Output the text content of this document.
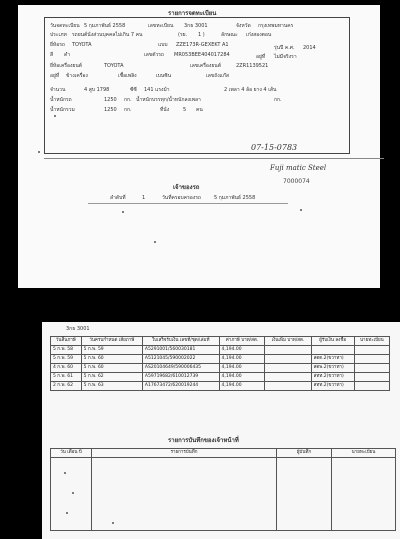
รายการจดทะเบียน
วันจดทะเบียน 5 กุมภาพันธ์ 2558	เลขทะเบียน 3กธ 3001	จังหวัด กรุงเทพมหานคร
ประเภท รถยนต์นั่งส่วนบุคคลไม่เกิน 7 คน	(รย. 1 )	ลักษณะ เก๋งสองตอน
ยี่ห้อรถ TOYOTA	แบบ ZZE173R-GEXEKT A1	รุ่นปี ค.ศ. 2014
สี ดำ	เลขตัวรถ MR053BEE404017284	อยู่ที่ ไม่มีจริงรา
ยี่ห้อเครื่องยนต์	TOYOTA	เลขเครื่องยนต์	2ZR1139521
อยู่ที่ ข้างเครื่อง	เชื้อเพลิง	เบนซิน	เลขถังแก๊ส
จำนวน	4 สูบ 1798	ซีซี 141 แรงม้า	2 เพลา 4 ล้อ ยาง 4 เส้น
น้ำหนักรถ	1250 กก. น้ำหนักบรรทุก/น้ำหนักลงเพลา	กก.
น้ำหนักรวม	1250 กก.	ที่นั่ง	5 คน
07-15-0783
Fuji matic Steel
7000074
เจ้าของรถ
ลำดับที่	1	วันที่ครอบครองรถ	5 กุมภาพันธ์ 2558
3กธ 3001
วันสิ้นภาษี	วันครบกำหนด เสียภาษี	ใบเสร็จรับเงิน เลขที่/ชุด/เล่มที่	ค่าภาษี บาท/สต.	เงินเพิ่ม บาท/สต.	ผู้รับเงิน ลงชื่อ	นายทะเบียน
5 ก.พ. 58	5 ก.พ. 59	A5291001/560030181	4,194.00			
5 ก.พ. 59	5 ก.พ. 60	A5121045/590002022	4,194.00		สตต.2(ขวาทา)	
4 ก.พ. 60	5 ก.พ. 60	AS20104649/590006435	4,194.00		สตพ.2(ขวาทา)	
5 ก.พ. 61	5 ก.พ. 62	A59719682/610012739	4,194.00		สทท.2(ขวาทา)	
2 ก.พ. 62	5 ก.พ. 63	A17673472/620019244	4,194.00		สทท.2(ขวาทา)	
รายการบันทึกของเจ้าหน้าที่
วัน เดือน ปี	รายการบันทึก	ผู้บันทึก	นายทะเบียน
